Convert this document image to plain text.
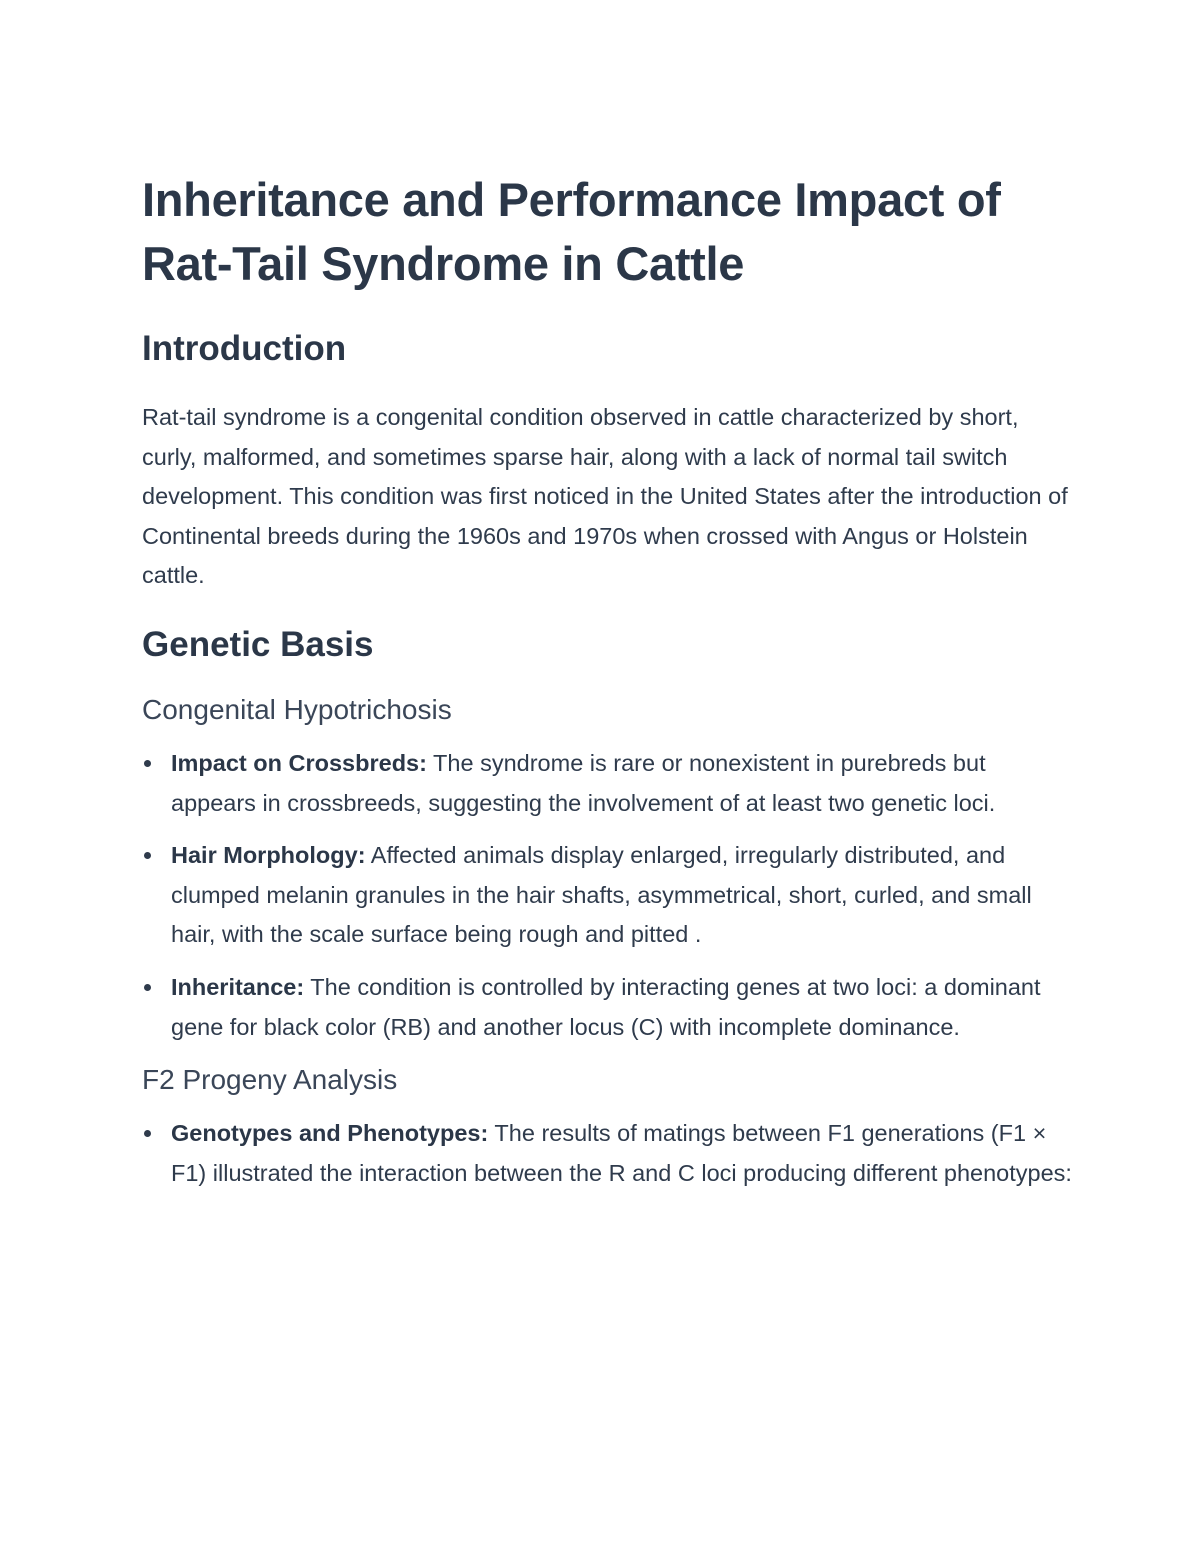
Inheritance and Performance Impact of Rat-Tail Syndrome in Cattle
Introduction

Rat-tail syndrome is a congenital condition observed in cattle characterized by short, curly, malformed, and sometimes sparse hair, along with a lack of normal tail switch development. This condition was first noticed in the United States after the introduction of Continental breeds during the 1960s and 1970s when crossed with Angus or Holstein cattle.

Genetic Basis
Congenital Hypotrichosis
Impact on Crossbreds: The syndrome is rare or nonexistent in purebreds but appears in crossbreeds, suggesting the involvement of at least two genetic loci.
Hair Morphology: Affected animals display enlarged, irregularly distributed, and clumped melanin granules in the hair shafts, asymmetrical, short, curled, and small hair, with the scale surface being rough and pitted .
Inheritance: The condition is controlled by interacting genes at two loci: a dominant gene for black color (RB) and another locus (C) with incomplete dominance.
F2 Progeny Analysis
Genotypes and Phenotypes: The results of matings between F1 generations (F1 × F1) illustrated the interaction between the R and C loci producing different phenotypes:
